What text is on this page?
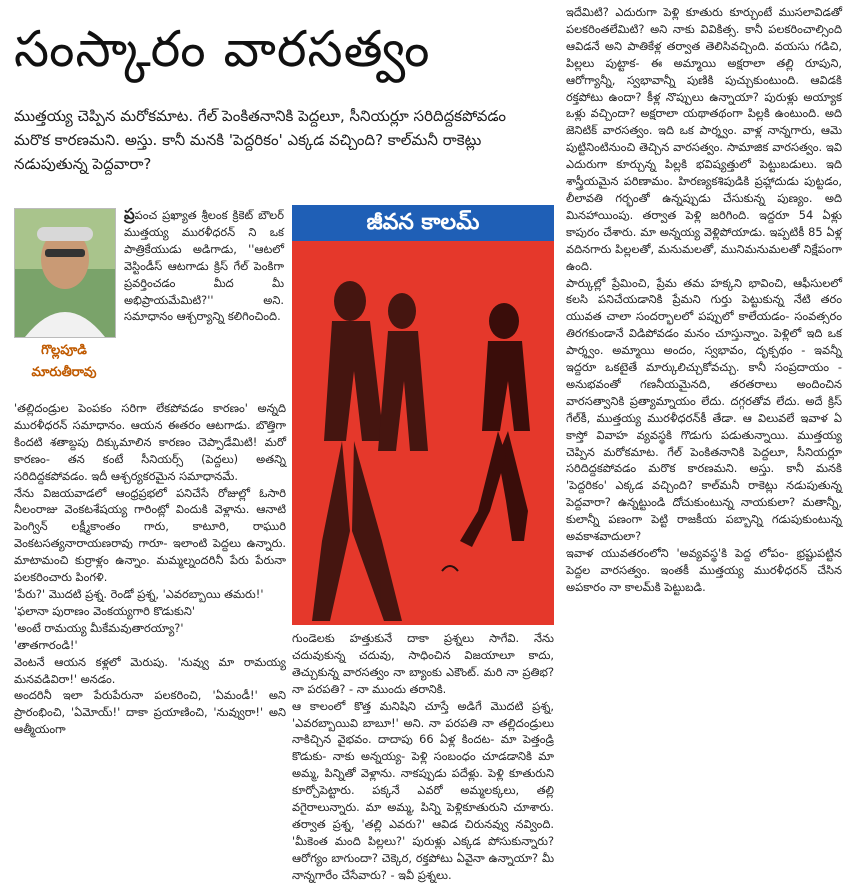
సంస్కారం వారసత్వం
ముత్తయ్య చెప్పిన మరోకమాట. గేల్ పెంకితనానికి పెద్దలూ, సీనియర్లూ సరిదిద్దకపోవడం మరొక కారణమని. అస్తు. కానీ మనకి 'పెద్దరికం' ఎక్కడ వచ్చింది? కాల్‌మనీ రాకెట్లు నడుపుతున్న పెద్దవారా?
గొల్లపూడి మారుతీరావు

ప్రపంచ ప్రఖ్యాత శ్రీలంక క్రికెట్ బౌలర్ ముత్తయ్య మురళీధరన్ ని ఒక పాత్రికేయుడు అడిగాడు, ''ఆటలో వెస్టిండీస్ ఆటగాడు క్రిస్ గేల్ పెంకిగా ప్రవర్తించడం మీద మీ అభిప్రాయమేమిటి?'' అని. సమాధానం ఆశ్చర్యాన్ని కలిగించింది.

'తల్లిదండ్రుల పెంపకం సరిగా లేకపోవడం కారణం' అన్నది మురళీధరన్ సమాధానం. ఆయన ఈతరం ఆటగాడు. బొత్తిగా కిందటి శతాబ్దపు దిక్కుమాలిన కారణం చెప్పాడేమిటి! మరో కారణం- తన కంటే సీనియర్స్ (పెద్దలు) అతన్ని సరిదిద్దకపోవడం. ఇదీ ఆశ్చర్యకరమైన సమాధానమే.

నేను విజయవాడలో ఆంధ్రప్రభలో పనిచేసే రోజుల్లో ఓసారి నీలంరాజు వెంకటశేషయ్య గారింట్లో విందుకి వెళ్లాను. ఆనాటి పెంగ్విన్ లక్ష్మీకాంతం గారు, కాటూరి, రాఘురి వెంకటసత్యనారాయణరావు గారూ- ఇలాంటి పెద్దలు ఉన్నారు. మాటామంచి కుర్రాళ్లం ఉన్నాం. మమ్మల్నందరినీ పేరు పేరునా పలకరించారు పింగళి.

'పేరు?' మొదటి ప్రశ్న. రెండో ప్రశ్న, 'ఎవరబ్బాయి తమరు!'

'ఫలానా పురాణం వెంకయ్యగారి కొడుకుని'

'అంటే రామయ్య మీకేమవుతారయ్యా?'

'తాతగారండి!'

వెంటనే ఆయన కళ్లలో మెరుపు. 'నువ్వు మా రామయ్య మనవడివిరా!' అనడం.

అందరినీ ఇలా పేరుపేరునా పలకరించి, 'ఏమండీ!' అని ప్రారంభించి, 'ఏమోయ్!' దాకా ప్రయాణించి, 'నువ్వురా!' అని ఆత్మీయంగా

జీవన కాలమ్

గుండెలకు హత్తుకునే దాకా ప్రశ్నలు సాగేవి. నేను చదువుకున్న చదువు, సాధించిన విజయాలూ కాదు, తెచ్చుకున్న వారసత్వం నా బ్యాంకు ఎకౌంట్. మరి నా ప్రతిభ? నా పరపతి? - నా ముందు తరానికి.

ఆ కాలంలో కొత్త మనిషిని చూస్తే అడిగే మొదటి ప్రశ్న, 'ఎవరబ్బాయివి బాబూ!' అని. నా పరపతి నా తల్లిదండ్రులు నాకిచ్చిన వైభవం. దాదాపు 66 ఏళ్ల కిందట- మా పెత్తండ్రి కొడుకు- నాకు అన్నయ్య- పెళ్లి సంబంధం చూడడానికి మా అమ్మ, పిన్నితో వెళ్లాను. నాకప్పుడు పదేళ్లు. పెళ్లి కూతురుని కూర్చోపెట్టారు. పక్కనే ఎవరో అమ్మలక్కలు, తల్లి వగైరాలున్నారు. మా అమ్మ, పిన్ని పెళ్లికూతురుని చూశారు. తర్వాత ప్రశ్న, 'తల్లి ఎవరు?' ఆవిడ చిరునవ్వు నవ్వింది. 'మీకెంత మంది పిల్లలు?' పురుళ్లు ఎక్కడ పోసుకున్నారు? ఆరోగ్యం బాగుందా? చెక్కెర, రక్తపోటు ఏవైనా ఉన్నాయా? మీ నాన్నగారేం చేసేవారు? - ఇవీ ప్రశ్నలు.

ఇదేమిటి? ఎదురుగా పెళ్లి కూతురు కూర్చుంటే ముసలావిడతో పలకరింతలేమిటి? అని నాకు వివికిత్స. కానీ పలకరించాల్సింది ఆవిడనే అని పాతికేళ్ల తర్వాత తెలిసివచ్చింది. వయసు గడిచి, పిల్లలు పుట్టాక- ఈ అమ్మాయి అక్షరాలా తల్లి రూపుని, ఆరోగ్యాన్నీ, స్వభావాన్నీ పుణికి పుచ్చుకుంటుంది. ఆవిడకి రక్తపోటు ఉందా? కీళ్ల నొప్పులు ఉన్నాయా? పురుళ్లు అయ్యాక ఒళ్లు వచ్చిందా? అక్షరాలా యథాతథంగా పిల్లకి ఉంటుంది. అది జెనిటిక్ వారసత్వం. ఇది ఒక పార్శ్వం. వాళ్ల నాన్నగారు, ఆమె పుట్టినింటినుంచి తెచ్చిన వారసత్వం. సామాజిక వారసత్వం. ఇవి ఎదురుగా కూర్చున్న పిల్లకి భవిష్యత్తులో పెట్టుబడులు. ఇది శాస్త్రీయమైన పరిణామం. హిరణ్యకశిపుడికి ప్రహ్లాదుడు పుట్టడం, లీలావతి గర్భంతో ఉన్నప్పుడు చేసుకున్న పుణ్యం. అది మినహాయింపు. తర్వాత పెళ్లి జరిగింది. ఇద్దరూ 54 ఏళ్లు కాపురం చేశారు. మా అన్నయ్య వెళ్లిపోయాడు. ఇప్పటికీ 85 ఏళ్ల వదినగారు పిల్లలతో, మనుమలతో, మునిమనుమలతో నిక్షేపంగా ఉంది.

పార్కుల్లో ప్రేమించి, ప్రేమ తమ హక్కని భావించి, ఆఫీసులలో కలసి పనిచేయడానికి ప్రేమని గుర్తు పెట్టుకున్న నేటి తరం యువత చాలా సందర్భాలలో పప్పులో కాలేయడం- సంవత్సరం తిరగకుండానే విడిపోవడం మనం చూస్తున్నాం. పెళ్లిలో ఇది ఒక పార్శ్వం. అమ్మాయి అందం, స్వభావం, దృక్పథం - ఇవన్నీ ఇద్దరూ ఒకటైతే మార్కులిచ్చుకోవచ్చు. కానీ సంప్రదాయం - అనుభవంతో గణనీయమైనది, తరతరాలు అందించిన వారసత్వానికి ప్రత్యామ్నాయం లేదు. దగ్గరతోవ లేదు. అదే క్రిస్ గేల్‌కీ, ముత్తయ్య మురళీధరన్‌కీ తేడా. ఆ విలువలే ఇవాళ ఏ కాస్తో వివాహ వ్యవస్థకి గొడుగు పడుతున్నాయి. ముత్తయ్య చెప్పిన మరోకమాట. గేల్ పెంకితనానికి పెద్దలూ, సీనియర్లూ సరిదిద్దకపోవడం మరొక కారణమని. అస్తు. కానీ మనకి 'పెద్దరికం' ఎక్కడ వచ్చింది? కాల్‌మనీ రాకెట్లు నడుపుతున్న పెద్దవారా? ఉన్నట్టుండి దోచుకుంటున్న నాయకులా? మతాన్నీ, కులాన్నీ పణంగా పెట్టి రాజకీయ పబ్బాన్ని గడుపుకుంటున్న అవకాశవాదులా?

ఇవాళ యువతరంలోని 'అవ్యవస్థ'కి పెద్ద లోపం- భ్రష్టుపట్టిన పెద్దల వారసత్వం. ఇంతకీ ముత్తయ్య మురళీధరన్ చేసిన అపకారం నా కాలమ్‌కి పెట్టుబడి.
